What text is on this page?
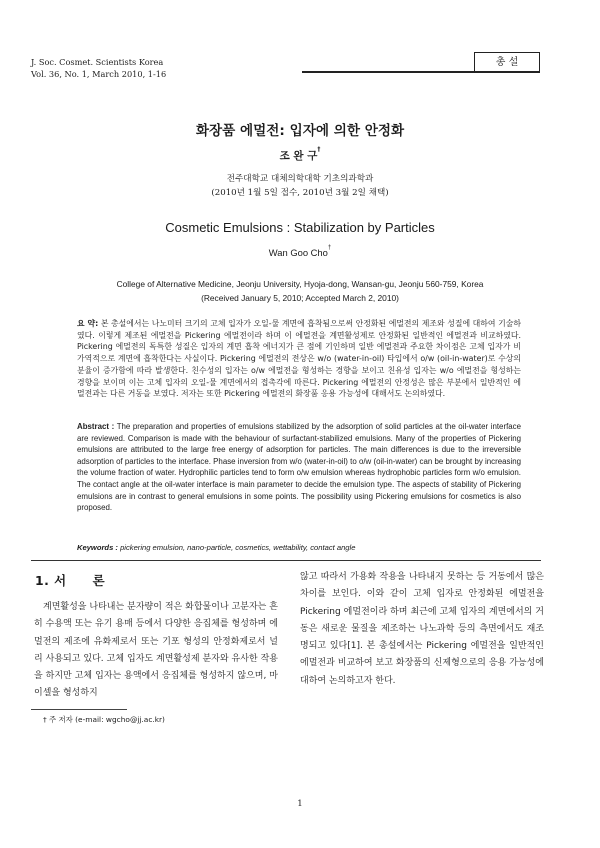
J. Soc. Cosmet. Scientists Korea
Vol. 36, No. 1, March 2010, 1-16
총 설
화장품 에멀전: 입자에 의한 안정화
조 완 구†
전주대학교 대체의학대학 기초의과학과
(2010년 1월 5일 접수, 2010년 3월 2일 채택)
Cosmetic Emulsions : Stabilization by Particles
Wan Goo Cho†
College of Alternative Medicine, Jeonju University, Hyoja-dong, Wansan-gu, Jeonju 560-759, Korea
(Received January 5, 2010; Accepted March 2, 2010)
요 약: 본 총설에서는 나노미터 크기의 고체 입자가 오일-물 계면에 흡착됨으로써 안정화된 에멀전의 제조와 성질에 대하여 기술하였다. 이렇게 제조된 에멀전을 Pickering 에멀전이라 하며 이 에멀전을 계면활성제로 안정화된 일반적인 에멀전과 비교하였다. Pickering 에멀전의 독특한 성질은 입자의 계면 흡착 에너지가 큰 점에 기인하며 일반 에멀전과 주요한 차이점은 고체 입자가 비가역적으로 계면에 흡착한다는 사실이다. Pickering 에멀전의 전상은 w/o (water-in-oil) 타입에서 o/w (oil-in-water)로 수상의 분율이 증가함에 따라 발생한다. 친수성의 입자는 o/w 에멀전을 형성하는 경향을 보이고 친유성 입자는 w/o 에멀전을 형성하는 경향을 보이며 이는 고체 입자의 오일-물 계면에서의 접촉각에 따른다. Pickering 에멀전의 안정성은 많은 부분에서 일반적인 에멀전과는 다른 거동을 보였다. 저자는 또한 Pickering 에멀전의 화장품 응용 가능성에 대해서도 논의하였다.
Abstract : The preparation and properties of emulsions stabilized by the adsorption of solid particles at the oil-water interface are reviewed. Comparison is made with the behaviour of surfactant-stabilized emulsions. Many of the properties of Pickering emulsions are attributed to the large free energy of adsorption for particles. The main differences is due to the irreversible adsorption of particles to the interface. Phase inversion from w/o (water-in-oil) to o/w (oil-in-water) can be brought by increasing the volume fraction of water. Hydrophilic particles tend to form o/w emulsion whereas hydrophobic particles form w/o emulsion. The contact angle at the oil-water interface is main parameter to decide the emulsion type. The aspects of stability of Pickering emulsions are in contrast to general emulsions in some points. The possibility using Pickering emulsions for cosmetics is also proposed.
Keywords : pickering emulsion, nano-particle, cosmetics, wettability, contact angle
1. 서 론
계면활성을 나타내는 분자량이 적은 화합물이나 고분자는 흔히 수용액 또는 유기 용매 등에서 다양한 응집체를 형성하며 에멀전의 제조에 유화제로서 또는 기포 형성의 안정화제로서 널리 사용되고 있다. 고체 입자도 계면활성제 분자와 유사한 작용을 하지만 고체 입자는 용액에서 응집체를 형성하지 않으며, 마이셀을 형성하지
않고 따라서 가용화 작용을 나타내지 못하는 등 거동에서 많은 차이를 보인다. 이와 같이 고체 입자로 안정화된 에멀전을 Pickering 에멀전이라 하며 최근에 고체 입자의 계면에서의 거동은 새로운 물질을 제조하는 나노과학 등의 측면에서도 재조명되고 있다[1]. 본 총설에서는 Pickering 에멀전을 일반적인 에멀전과 비교하여 보고 화장품의 신제형으로의 응용 가능성에 대하여 논의하고자 한다.
† 주 저자 (e-mail: wgcho@jj.ac.kr)
1
